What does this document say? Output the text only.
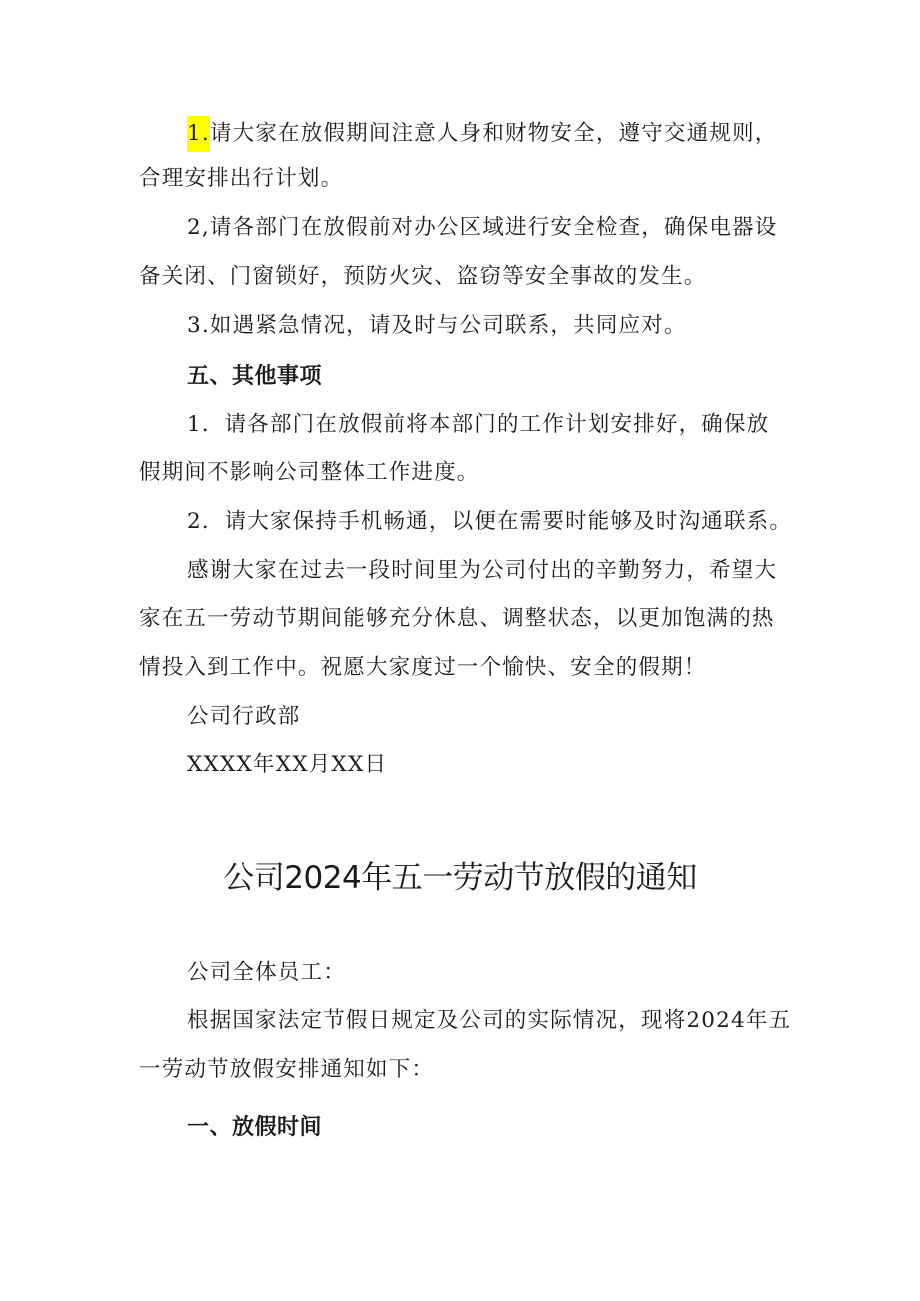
1.请大家在放假期间注意人身和财物安全，遵守交通规则，
合理安排出行计划。
2,请各部门在放假前对办公区域进行安全检查，确保电器设
备关闭、门窗锁好，预防火灾、盗窃等安全事故的发生。
3.如遇紧急情况，请及时与公司联系，共同应对。
五、其他事项
1．请各部门在放假前将本部门的工作计划安排好，确保放
假期间不影响公司整体工作进度。
2．请大家保持手机畅通，以便在需要时能够及时沟通联系。
感谢大家在过去一段时间里为公司付出的辛勤努力，希望大
家在五一劳动节期间能够充分休息、调整状态，以更加饱满的热
情投入到工作中。祝愿大家度过一个愉快、安全的假期！
公司行政部
XXXX年XX月XX日
公司2024年五一劳动节放假的通知
公司全体员工：
根据国家法定节假日规定及公司的实际情况，现将2024年五
一劳动节放假安排通知如下：
一、放假时间
